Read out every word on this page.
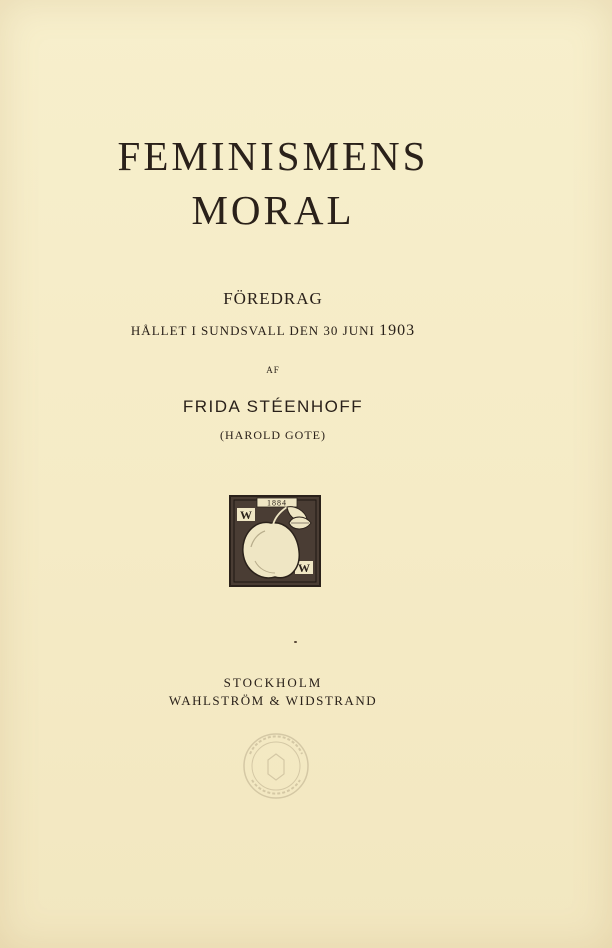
FEMINISMENS
MORAL
FÖREDRAG
HÅLLET I SUNDSVALL DEN 30 JUNI 1903
AF
FRIDA STÉENHOFF
(HAROLD GOTE)
1884
W
W
STOCKHOLM
WAHLSTRÖM & WIDSTRAND
